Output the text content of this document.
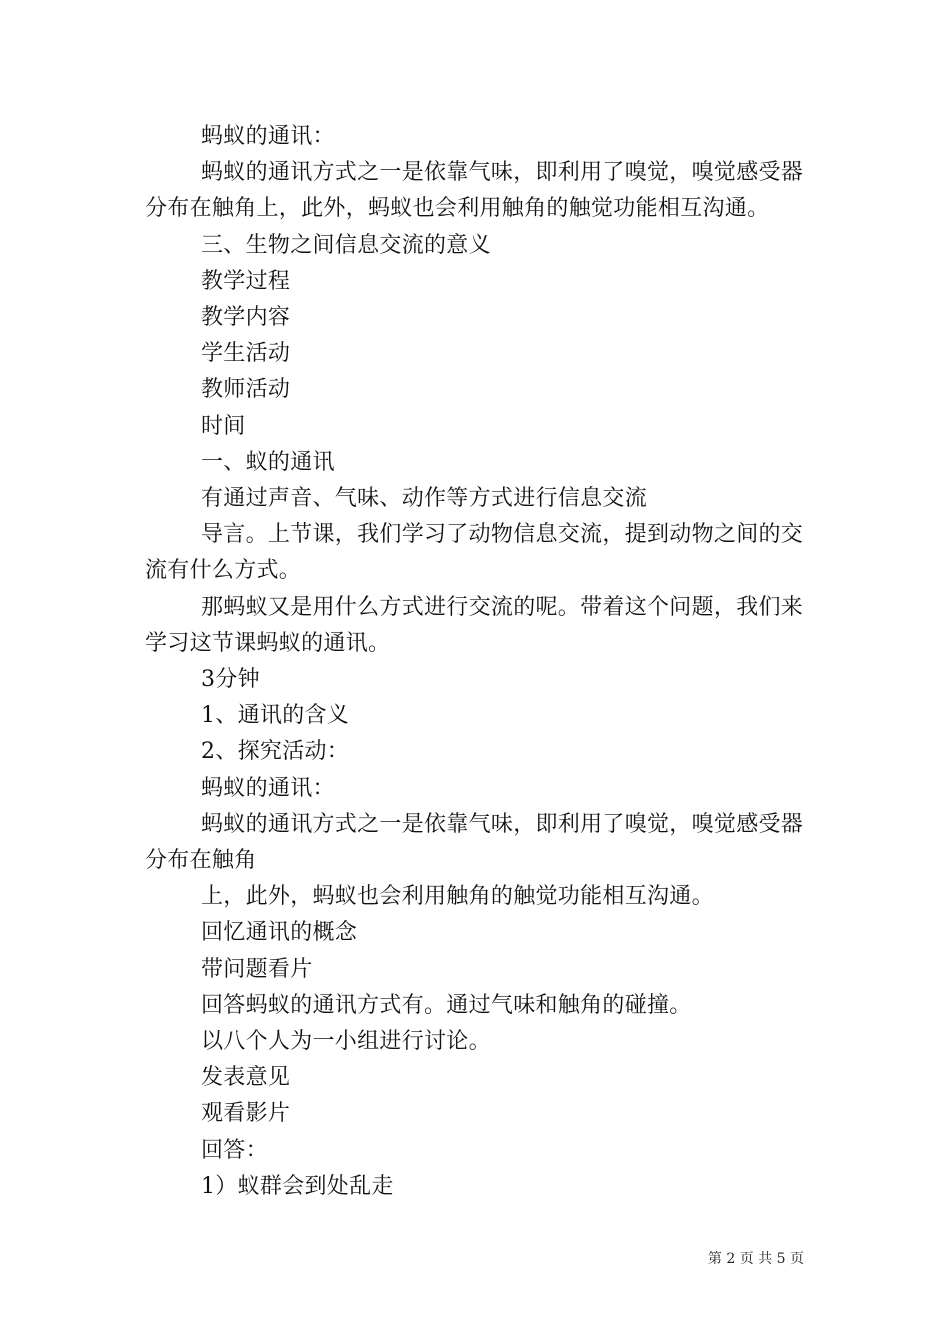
蚂蚁的通讯：

蚂蚁的通讯方式之一是依靠气味，即利用了嗅觉，嗅觉感受器分布在触角上，此外，蚂蚁也会利用触角的触觉功能相互沟通。

三、生物之间信息交流的意义

教学过程

教学内容

学生活动

教师活动

时间

一、蚁的通讯

有通过声音、气味、动作等方式进行信息交流

导言。上节课，我们学习了动物信息交流，提到动物之间的交流有什么方式。

那蚂蚁又是用什么方式进行交流的呢。带着这个问题，我们来学习这节课蚂蚁的通讯。

3分钟

1、通讯的含义

2、探究活动：

蚂蚁的通讯：

蚂蚁的通讯方式之一是依靠气味，即利用了嗅觉，嗅觉感受器分布在触角

上，此外，蚂蚁也会利用触角的触觉功能相互沟通。

回忆通讯的概念

带问题看片

回答蚂蚁的通讯方式有。通过气味和触角的碰撞。

以八个人为一小组进行讨论。

发表意见

观看影片

回答：

1）蚁群会到处乱走

第 2 页 共 5 页
